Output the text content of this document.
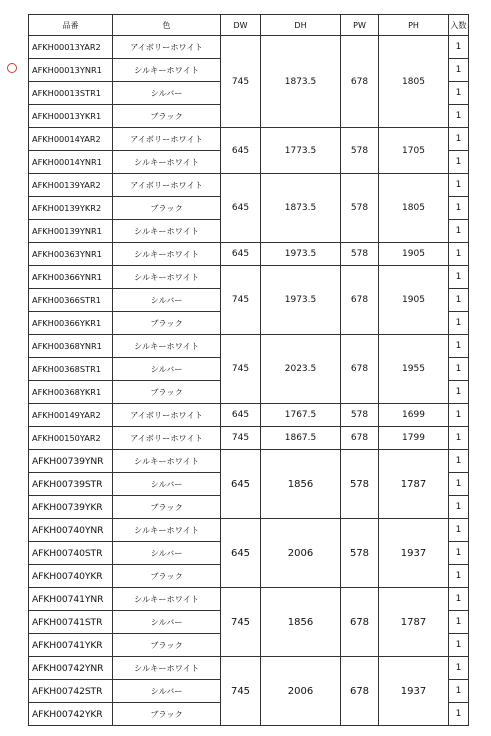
品番	色	DW	DH	PW	PH	入数
AFKH00013YAR2	アイボリーホワイト	745	1873.5	678	1805	1
AFKH00013YNR1	シルキーホワイト					1
AFKH00013STR1	シルバー					1
AFKH00013YKR1	ブラック					1
AFKH00014YAR2	アイボリーホワイト	645	1773.5	578	1705	1
AFKH00014YNR1	シルキーホワイト					1
AFKH00139YAR2	アイボリーホワイト	645	1873.5	578	1805	1
AFKH00139YKR2	ブラック					1
AFKH00139YNR1	シルキーホワイト					1
AFKH00363YNR1	シルキーホワイト	645	1973.5	578	1905	1
AFKH00366YNR1	シルキーホワイト	745	1973.5	678	1905	1
AFKH00366STR1	シルバー					1
AFKH00366YKR1	ブラック					1
AFKH00368YNR1	シルキーホワイト	745	2023.5	678	1955	1
AFKH00368STR1	シルバー					1
AFKH00368YKR1	ブラック					1
AFKH00149YAR2	アイボリーホワイト	645	1767.5	578	1699	1
AFKH00150YAR2	アイボリーホワイト	745	1867.5	678	1799	1
AFKH00739YNR	シルキーホワイト	645	1856	578	1787	1
AFKH00739STR	シルバー					1
AFKH00739YKR	ブラック					1
AFKH00740YNR	シルキーホワイト	645	2006	578	1937	1
AFKH00740STR	シルバー					1
AFKH00740YKR	ブラック					1
AFKH00741YNR	シルキーホワイト	745	1856	678	1787	1
AFKH00741STR	シルバー					1
AFKH00741YKR	ブラック					1
AFKH00742YNR	シルキーホワイト	745	2006	678	1937	1
AFKH00742STR	シルバー					1
AFKH00742YKR	ブラック					1
